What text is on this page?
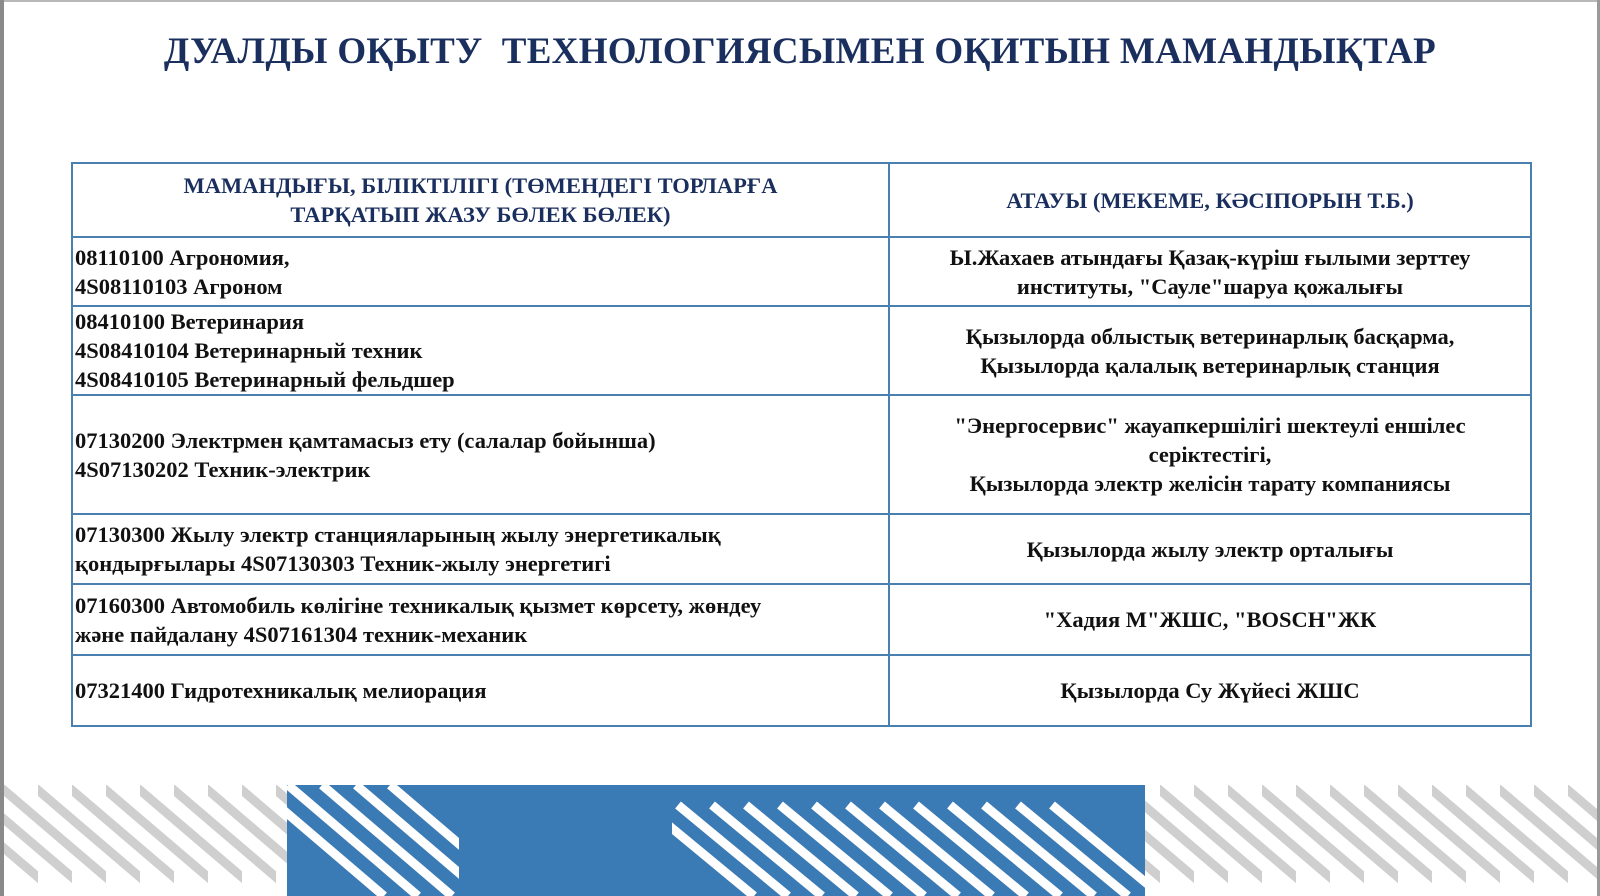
ДУАЛДЫ ОҚЫТУ  ТЕХНОЛОГИЯСЫМЕН ОҚИТЫН МАМАНДЫҚТАР
МАМАНДЫҒЫ, БІЛІКТІЛІГІ (ТӨМЕНДЕГІ ТОРЛАРҒА
ТАРҚАТЫП ЖАЗУ БӨЛЕК БӨЛЕК)	АТАУЫ (МЕКЕМЕ, КӘСІПОРЫН Т.Б.)

08110100 Агрономия,
4S08110103 Агроном	Ы.Жахаев атындағы Қазақ-күріш ғылыми зерттеу
институты, "Сауле"шаруа қожалығы

08410100 Ветеринария
4S08410104 Ветеринарный техник
4S08410105 Ветеринарный фельдшер	Қызылорда облыстық ветеринарлық басқарма,
Қызылорда қалалық ветеринарлық станция

07130200 Электрмен қамтамасыз ету (салалар бойынша)
4S07130202 Техник-электрик	"Энергосервис" жауапкершілігі шектеулі еншілес
серіктестігі,
Қызылорда электр желісін тарату компаниясы

07130300 Жылу электр станцияларының жылу энергетикалық
қондырғылары 4S07130303 Техник-жылу энергетигі	Қызылорда жылу электр орталығы

07160300 Автомобиль көлігіне техникалық қызмет көрсету, жөндеу
және пайдалану 4S07161304 техник-механик	"Хадия М"ЖШС, "BOSCH"ЖК

07321400 Гидротехникалық мелиорация	Қызылорда Су Жүйесі ЖШС
